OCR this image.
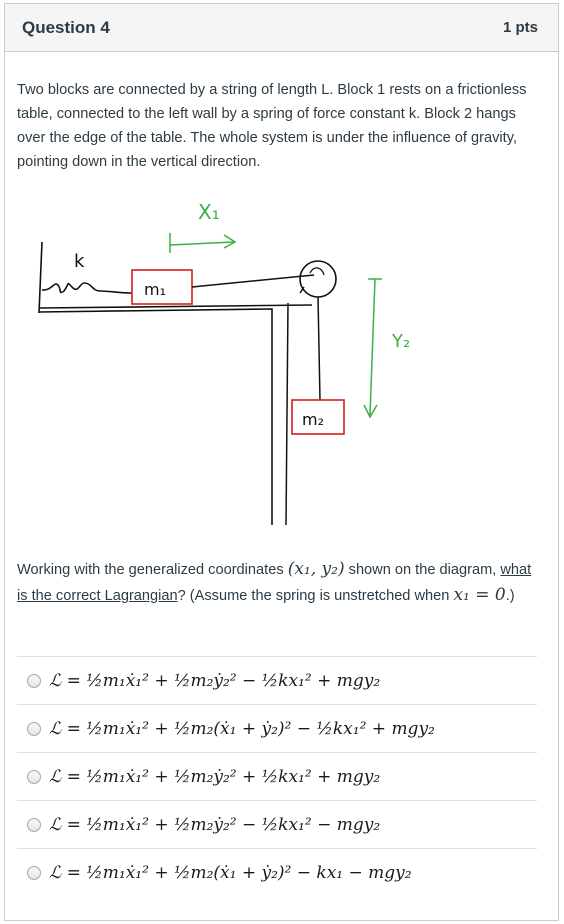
Question 4	1 pts
Two blocks are connected by a string of length L. Block 1 rests on a frictionless table, connected to the left wall by a spring of force constant k. Block 2 hangs over the edge of the table. The whole system is under the influence of gravity, pointing down in the vertical direction.
k
m₁
m₂
X₁
Y₂
Working with the generalized coordinates (x₁, y₂) shown on the diagram, what is the correct Lagrangian? (Assume the spring is unstretched when x₁ = 0.)
ℒ = ½m₁ẋ₁² + ½m₂ẏ₂² − ½kx₁² + mgy₂
ℒ = ½m₁ẋ₁² + ½m₂(ẋ₁ + ẏ₂)² − ½kx₁² + mgy₂
ℒ = ½m₁ẋ₁² + ½m₂ẏ₂² + ½kx₁² + mgy₂
ℒ = ½m₁ẋ₁² + ½m₂ẏ₂² − ½kx₁² − mgy₂
ℒ = ½m₁ẋ₁² + ½m₂(ẋ₁ + ẏ₂)² − kx₁ − mgy₂
